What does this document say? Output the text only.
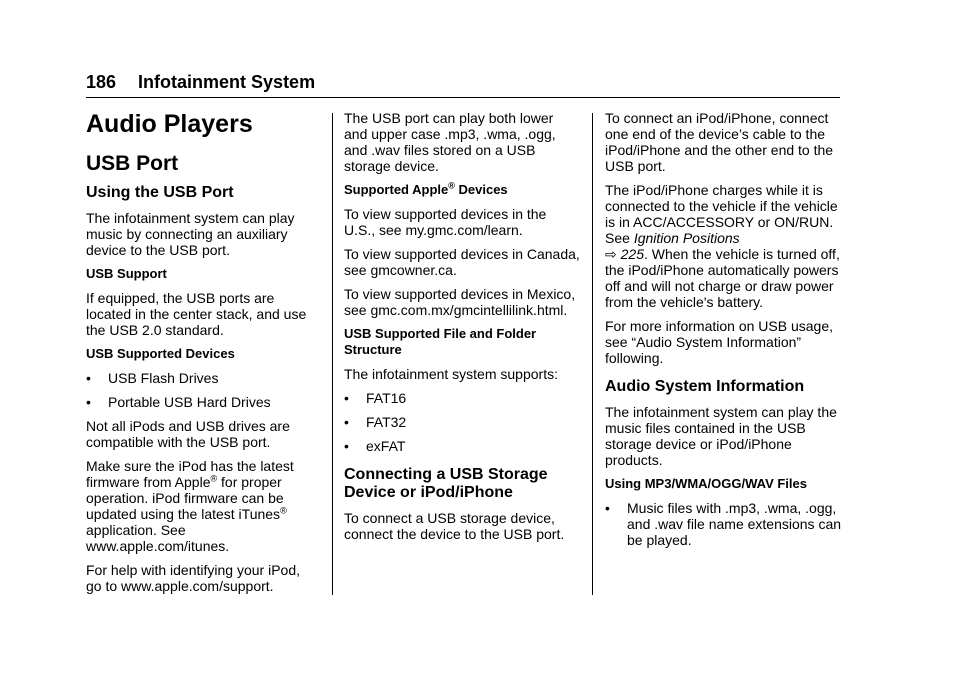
186 Infotainment System
Audio Players
USB Port
Using the USB Port

The infotainment system can play music by connecting an auxiliary device to the USB port.

USB Support

If equipped, the USB ports are located in the center stack, and use the USB 2.0 standard.

USB Supported Devices

•	USB Flash Drives
•	Portable USB Hard Drives

Not all iPods and USB drives are compatible with the USB port.

Make sure the iPod has the latest firmware from Apple® for proper operation. iPod firmware can be updated using the latest iTunes® application. See www.apple.com/itunes.

For help with identifying your iPod, go to www.apple.com/support.

The USB port can play both lower and upper case .mp3, .wma, .ogg, and .wav files stored on a USB storage device.

Supported Apple® Devices

To view supported devices in the U.S., see my.gmc.com/learn.

To view supported devices in Canada, see gmcowner.ca.

To view supported devices in Mexico, see gmc.com.mx/gmcintellilink.html.

USB Supported File and Folder Structure

The infotainment system supports:

•	FAT16
•	FAT32
•	exFAT
Connecting a USB Storage Device or iPod/iPhone

To connect a USB storage device, connect the device to the USB port.

To connect an iPod/iPhone, connect one end of the device’s cable to the iPod/iPhone and the other end to the USB port.

The iPod/iPhone charges while it is connected to the vehicle if the vehicle is in ACC/ACCESSORY or ON/RUN. See Ignition Positions
⇨ 225. When the vehicle is turned off, the iPod/iPhone automatically powers off and will not charge or draw power from the vehicle's battery.

For more information on USB usage, see “Audio System Information” following.

Audio System Information

The infotainment system can play the music files contained in the USB storage device or iPod/iPhone products.

Using MP3/WMA/OGG/WAV Files

•	Music files with .mp3, .wma, .ogg, and .wav file name extensions can be played.
